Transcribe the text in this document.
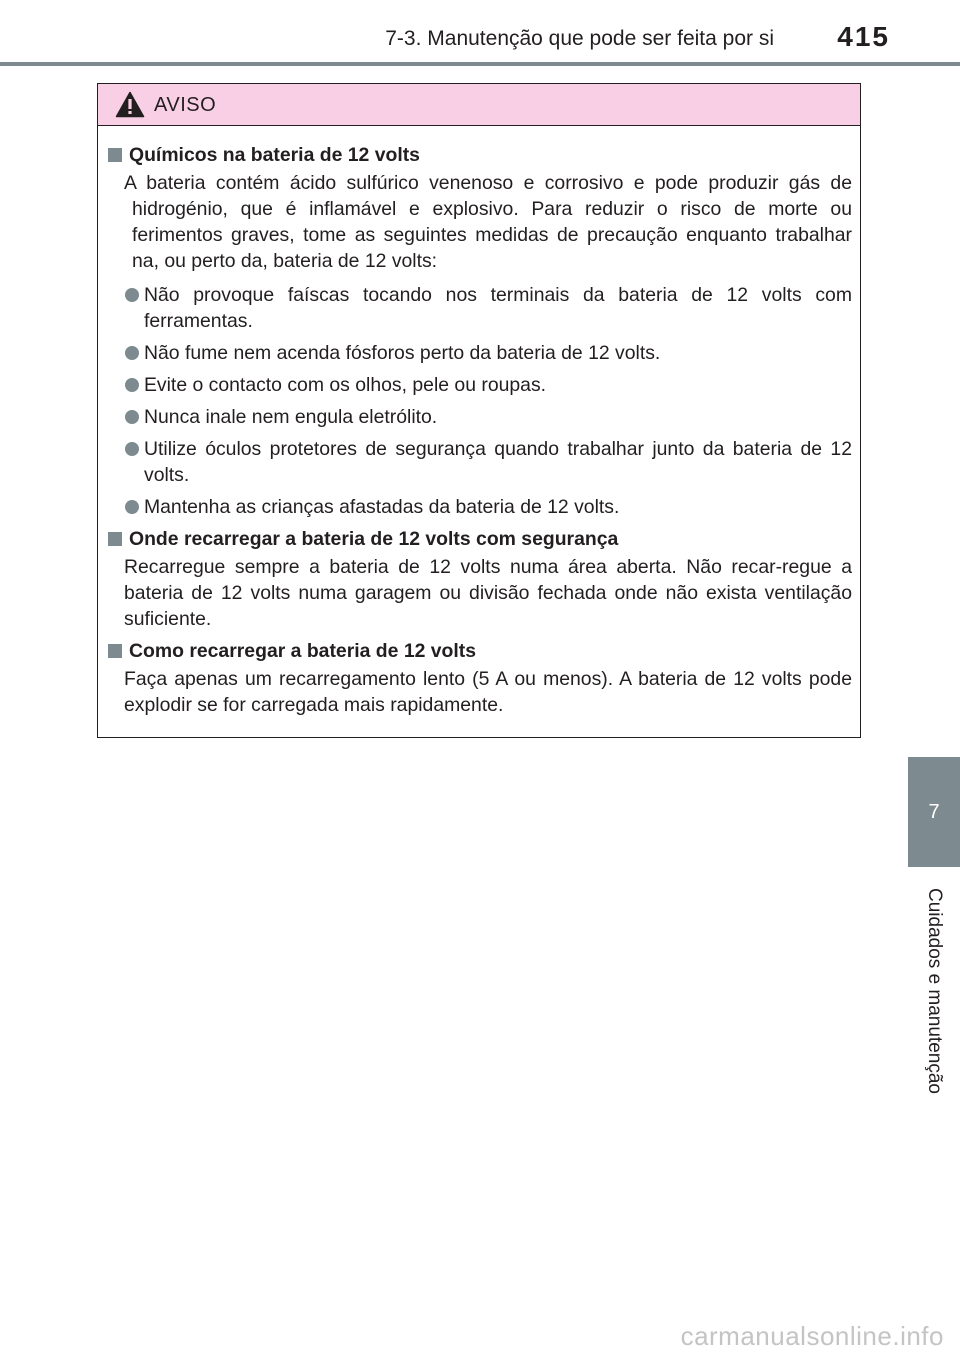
7-3. Manutenção que pode ser feita por si 415
7
Cuidados e manutenção
AVISO
Químicos na bateria de 12 volts
A bateria contém ácido sulfúrico venenoso e corrosivo e pode produzir gás de hidrogénio, que é inflamável e explosivo. Para reduzir o risco de morte ou ferimentos graves, tome as seguintes medidas de precaução enquanto trabalhar na, ou perto da, bateria de 12 volts:
Não provoque faíscas tocando nos terminais da bateria de 12 volts com ferramentas.
Não fume nem acenda fósforos perto da bateria de 12 volts.
Evite o contacto com os olhos, pele ou roupas.
Nunca inale nem engula eletrólito.
Utilize óculos protetores de segurança quando trabalhar junto da bateria de 12 volts.
Mantenha as crianças afastadas da bateria de 12 volts.
Onde recarregar a bateria de 12 volts com segurança
Recarregue sempre a bateria de 12 volts numa área aberta. Não recar-regue a bateria de 12 volts numa garagem ou divisão fechada onde não exista ventilação suficiente.
Como recarregar a bateria de 12 volts
Faça apenas um recarregamento lento (5 A ou menos). A bateria de 12 volts pode explodir se for carregada mais rapidamente.
carmanualsonline.info
